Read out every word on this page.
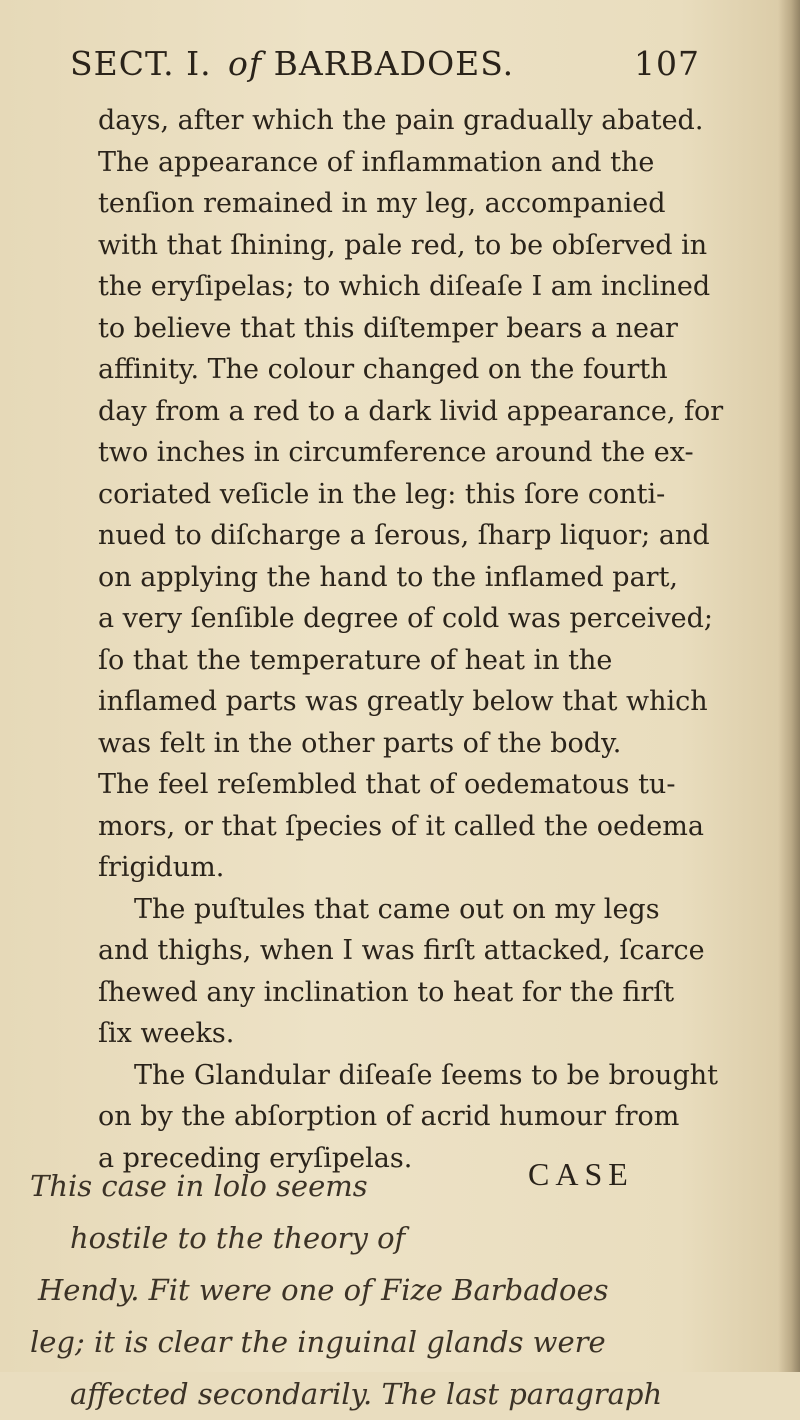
SECT. I. of BARBADOES.	107
days, after which the pain gradually abated.
The appearance of inflammation and the
tenſion remained in my leg, accompanied
with that ſhining, pale red, to be obſerved in
the eryſipelas; to which diſeaſe I am inclined
to believe that this diſtemper bears a near
affinity. The colour changed on the fourth
day from a red to a dark livid appearance, for
two inches in circumference around the ex-
coriated veſicle in the leg: this ſore conti-
nued to diſcharge a ſerous, ſharp liquor; and
on applying the hand to the inflamed part,
a very ſenſible degree of cold was perceived;
ſo that the temperature of heat in the
inflamed parts was greatly below that which
was felt in the other parts of the body.
The feel reſembled that of oedematous tu-
mors, or that ſpecies of it called the oedema
frigidum.
The puſtules that came out on my legs
and thighs, when I was firſt attacked, ſcarce
ſhewed any inclination to heat for the firſt
ſix weeks.
The Glandular diſeaſe ſeems to be brought
on by the abſorption of acrid humour from
a preceding eryſipelas.	CASE
This case in lolo seems
hostile to the theory of
Hendy. Fit were one of Fize Barbadoes
leg; it is clear the inguinal glands were
affected secondarily. The last paragraph
